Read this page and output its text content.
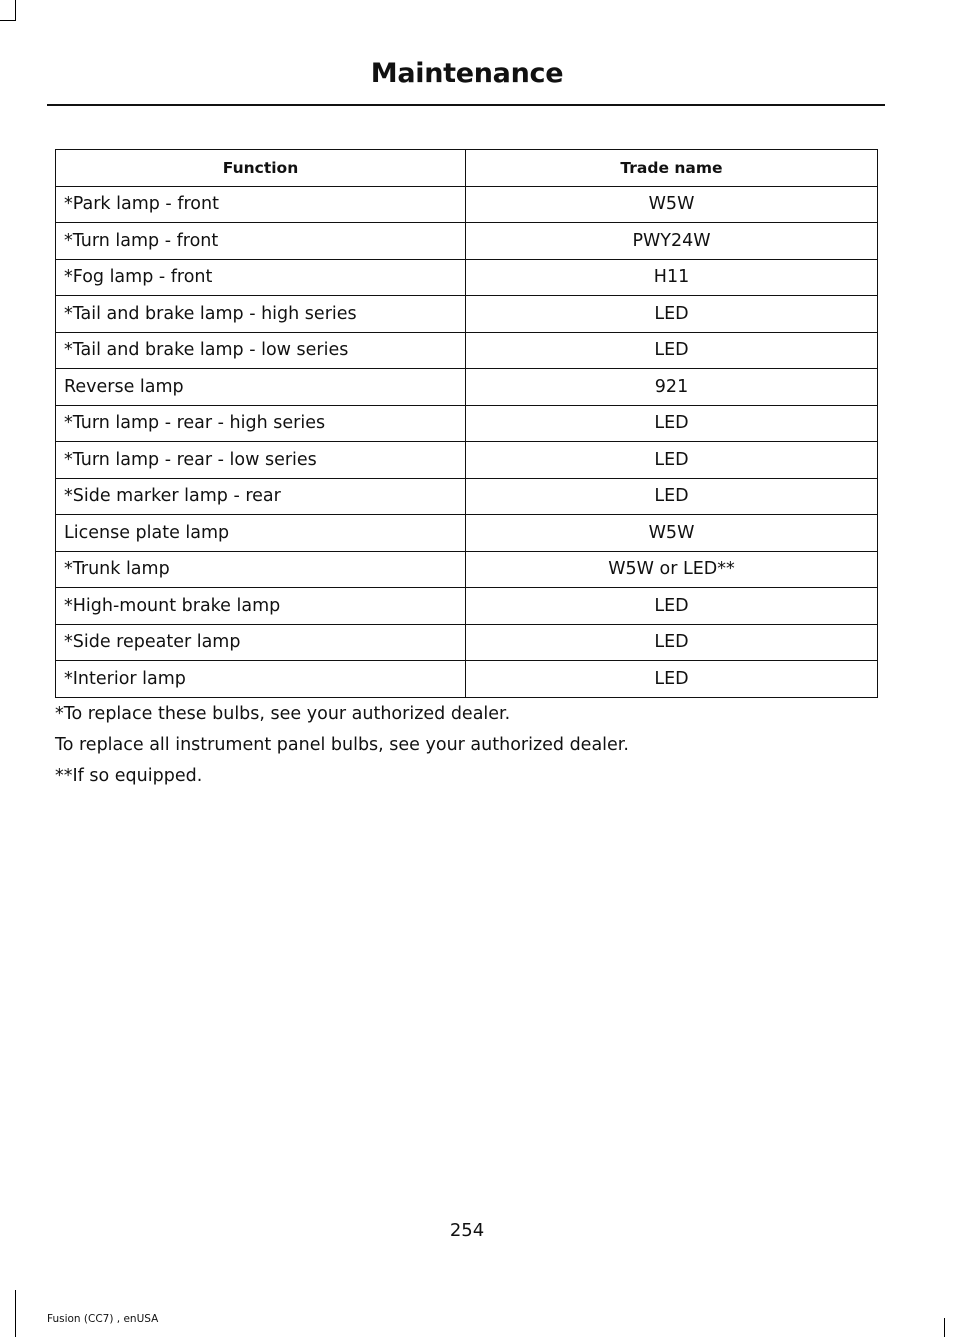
Maintenance
Function	Trade name
*Park lamp - front	W5W
*Turn lamp - front	PWY24W
*Fog lamp - front	H11
*Tail and brake lamp - high series	LED
*Tail and brake lamp - low series	LED
Reverse lamp	921
*Turn lamp - rear - high series	LED
*Turn lamp - rear - low series	LED
*Side marker lamp - rear	LED
License plate lamp	W5W
*Trunk lamp	W5W or LED**
*High-mount brake lamp	LED
*Side repeater lamp	LED
*Interior lamp	LED

*To replace these bulbs, see your authorized dealer.

To replace all instrument panel bulbs, see your authorized dealer.

**If so equipped.

254
Fusion (CC7) , enUSA
